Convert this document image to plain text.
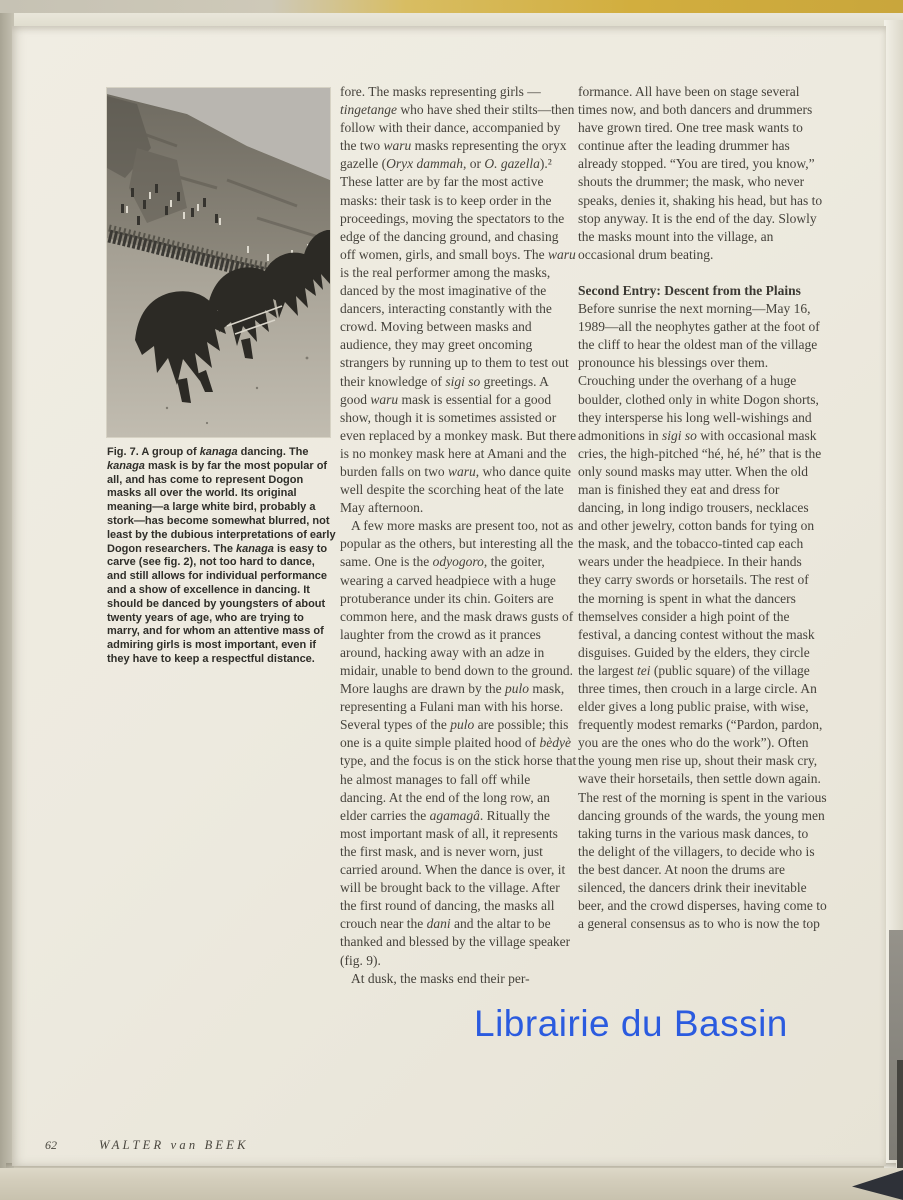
Fig. 7. A group of kanaga dancing. The kanaga mask is by far the most popular of all, and has come to represent Dogon masks all over the world. Its original meaning—a large white bird, probably a stork—has become somewhat blurred, not least by the dubious interpretations of early Dogon researchers. The kanaga is easy to carve (see fig. 2), not too hard to dance, and still allows for individual performance and a show of excellence in dancing. It should be danced by youngsters of about twenty years of age, who are trying to marry, and for whom an attentive mass of admiring girls is most important, even if they have to keep a respectful distance.

fore. The masks representing girls —tingetange who have shed their stilts—then follow with their dance, accompanied by the two waru masks representing the oryx gazelle (Oryx dammah, or O. gazella).² These latter are by far the most active masks: their task is to keep order in the proceedings, moving the spectators to the edge of the dancing ground, and chasing off women, girls, and small boys. The waru is the real performer among the masks, danced by the most imaginative of the dancers, interacting constantly with the crowd. Moving between masks and audience, they may greet oncoming strangers by running up to them to test out their knowledge of sigi so greetings. A good waru mask is essential for a good show, though it is sometimes assisted or even replaced by a monkey mask. But there is no monkey mask here at Amani and the burden falls on two waru, who dance quite well despite the scorching heat of the late May afternoon.

A few more masks are present too, not as popular as the others, but interesting all the same. One is the odyogoro, the goiter, wearing a carved headpiece with a huge protuberance under its chin. Goiters are common here, and the mask draws gusts of laughter from the crowd as it prances around, hacking away with an adze in midair, unable to bend down to the ground. More laughs are drawn by the pulo mask, representing a Fulani man with his horse. Several types of the pulo are possible; this one is a quite simple plaited hood of bèdyè type, and the focus is on the stick horse that he almost manages to fall off while dancing. At the end of the long row, an elder carries the agamagâ. Ritually the most important mask of all, it represents the first mask, and is never worn, just carried around. When the dance is over, it will be brought back to the village. After the first round of dancing, the masks all crouch near the dani and the altar to be thanked and blessed by the village speaker (fig. 9).

At dusk, the masks end their per-

formance. All have been on stage several times now, and both dancers and drummers have grown tired. One tree mask wants to continue after the leading drummer has already stopped. “You are tired, you know,” shouts the drummer; the mask, who never speaks, denies it, shaking his head, but has to stop anyway. It is the end of the day. Slowly the masks mount into the village, an occasional drum beating.

Second Entry: Descent from the Plains

Before sunrise the next morning—May 16, 1989—all the neophytes gather at the foot of the cliff to hear the oldest man of the village pronounce his blessings over them. Crouching under the overhang of a huge boulder, clothed only in white Dogon shorts, they intersperse his long well-wishings and admonitions in sigi so with occasional mask cries, the high-pitched “hé, hé, hé” that is the only sound masks may utter. When the old man is finished they eat and dress for dancing, in long indigo trousers, necklaces and other jewelry, cotton bands for tying on the mask, and the tobacco-tinted cap each wears under the headpiece. In their hands they carry swords or horsetails. The rest of the morning is spent in what the dancers themselves consider a high point of the festival, a dancing contest without the mask disguises. Guided by the elders, they circle the largest tei (public square) of the village three times, then crouch in a large circle. An elder gives a long public praise, with wise, frequently modest remarks (“Pardon, pardon, you are the ones who do the work”). Often the young men rise up, shout their mask cry, wave their horsetails, then settle down again. The rest of the morning is spent in the various dancing grounds of the wards, the young men taking turns in the various mask dances, to the delight of the villagers, to decide who is the best dancer. At noon the drums are silenced, the dancers drink their inevitable beer, and the crowd disperses, having come to a general consensus as to who is now the top

62	WALTER van BEEK
Librairie du Bassin
